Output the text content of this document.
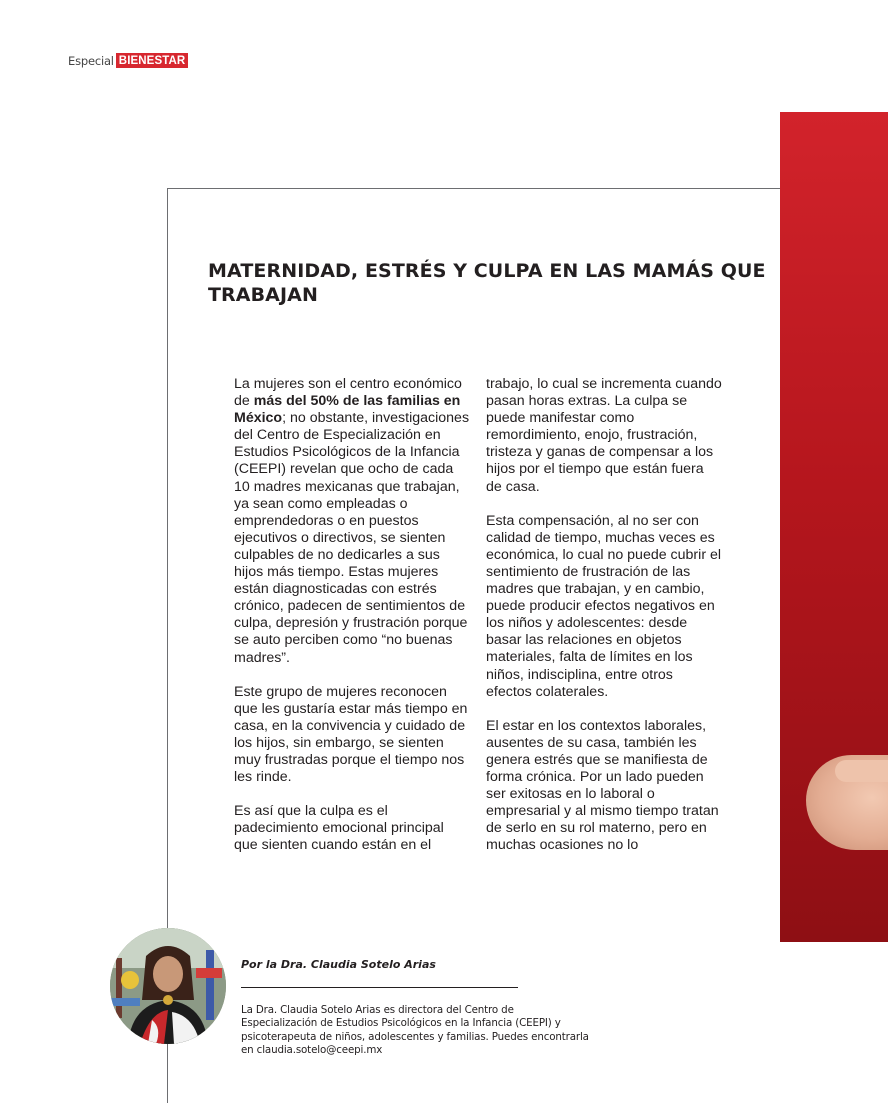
Especial BIENESTAR
MATERNIDAD, ESTRÉS Y CULPA EN LAS MAMÁS QUE TRABAJAN

La mujeres son el centro económico de más del 50% de las familias en México; no obstante, investigaciones del Centro de Especialización en Estudios Psicológicos de la Infancia (CEEPI) revelan que ocho de cada 10 madres mexicanas que trabajan, ya sean como empleadas o emprendedoras o en puestos ejecutivos o directivos, se sienten culpables de no dedicarles a sus hijos más tiempo. Estas mujeres están diagnosticadas con estrés crónico, padecen de sentimientos de culpa, depresión y frustración porque se auto perciben como “no buenas madres”.

Este grupo de mujeres reconocen que les gustaría estar más tiempo en casa, en la convivencia y cuidado de los hijos, sin embargo, se sienten muy frustradas porque el tiempo nos les rinde.

Es así que la culpa es el padecimiento emocional principal que sienten cuando están en el

trabajo, lo cual se incrementa cuando pasan horas extras. La culpa se puede manifestar como remordimiento, enojo, frustración, tristeza y ganas de compensar a los hijos por el tiempo que están fuera de casa.

Esta compensación, al no ser con calidad de tiempo, muchas veces es económica, lo cual no puede cubrir el sentimiento de frustración de las madres que trabajan, y en cambio, puede producir efectos negativos en los niños y adolescentes: desde basar las relaciones en objetos materiales, falta de límites en los niños, indisciplina, entre otros efectos colaterales.

El estar en los contextos laborales, ausentes de su casa, también les genera estrés que se manifiesta de forma crónica. Por un lado pueden ser exitosas en lo laboral o empresarial y al mismo tiempo tratan de serlo en su rol materno, pero en muchas ocasiones no lo

Por la Dra. Claudia Sotelo Arias
La Dra. Claudia Sotelo Arias es directora del Centro de Especialización de Estudios Psicológicos en la Infancia (CEEPI) y psicoterapeuta de niños, adolescentes y familias. Puedes encontrarla en claudia.sotelo@ceepi.mx
